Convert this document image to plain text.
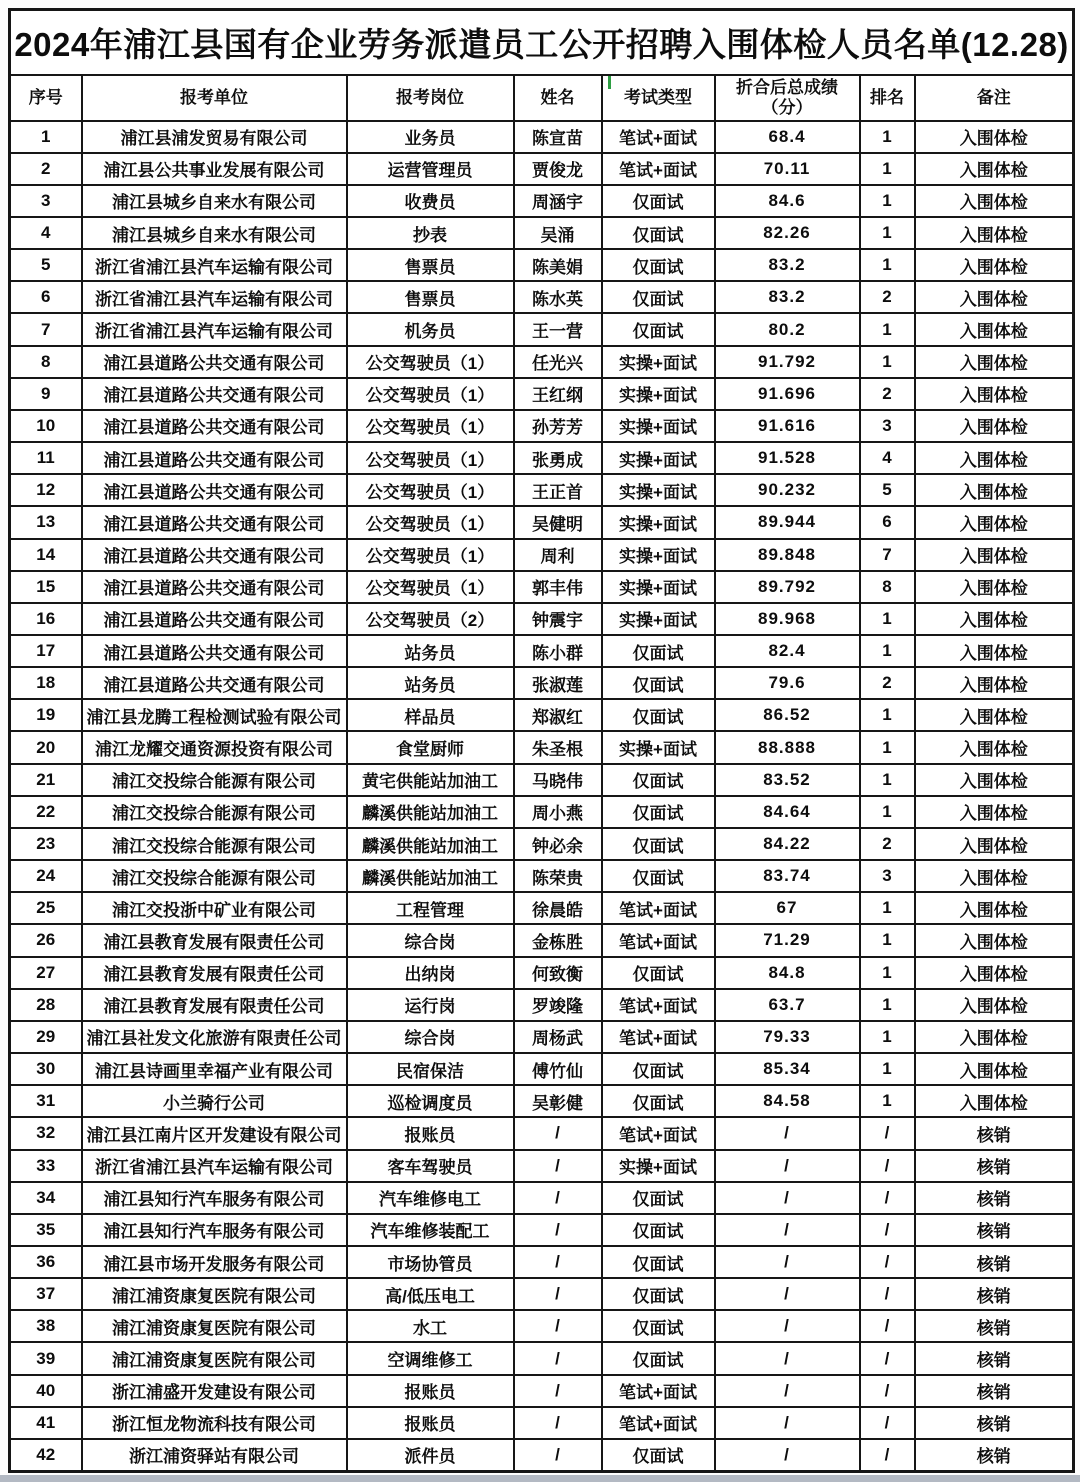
2024年浦江县国有企业劳务派遣员工公开招聘入围体检人员名单(12.28)							
序号	报考单位	报考岗位	姓名	考试类型	折合后总成绩（分）	排名	备注
1	浦江县浦发贸易有限公司	业务员	陈宣苗	笔试+面试	68.4	1	入围体检
2	浦江县公共事业发展有限公司	运营管理员	贾俊龙	笔试+面试	70.11	1	入围体检
3	浦江县城乡自来水有限公司	收费员	周涵宇	仅面试	84.6	1	入围体检
4	浦江县城乡自来水有限公司	抄表	吴涌	仅面试	82.26	1	入围体检
5	浙江省浦江县汽车运输有限公司	售票员	陈美娟	仅面试	83.2	1	入围体检
6	浙江省浦江县汽车运输有限公司	售票员	陈水英	仅面试	83.2	2	入围体检
7	浙江省浦江县汽车运输有限公司	机务员	王一营	仅面试	80.2	1	入围体检
8	浦江县道路公共交通有限公司	公交驾驶员（1）	任光兴	实操+面试	91.792	1	入围体检
9	浦江县道路公共交通有限公司	公交驾驶员（1）	王红纲	实操+面试	91.696	2	入围体检
10	浦江县道路公共交通有限公司	公交驾驶员（1）	孙芳芳	实操+面试	91.616	3	入围体检
11	浦江县道路公共交通有限公司	公交驾驶员（1）	张勇成	实操+面试	91.528	4	入围体检
12	浦江县道路公共交通有限公司	公交驾驶员（1）	王正首	实操+面试	90.232	5	入围体检
13	浦江县道路公共交通有限公司	公交驾驶员（1）	吴健明	实操+面试	89.944	6	入围体检
14	浦江县道路公共交通有限公司	公交驾驶员（1）	周利	实操+面试	89.848	7	入围体检
15	浦江县道路公共交通有限公司	公交驾驶员（1）	郭丰伟	实操+面试	89.792	8	入围体检
16	浦江县道路公共交通有限公司	公交驾驶员（2）	钟震宇	实操+面试	89.968	1	入围体检
17	浦江县道路公共交通有限公司	站务员	陈小群	仅面试	82.4	1	入围体检
18	浦江县道路公共交通有限公司	站务员	张淑莲	仅面试	79.6	2	入围体检
19	浦江县龙腾工程检测试验有限公司	样品员	郑淑红	仅面试	86.52	1	入围体检
20	浦江龙耀交通资源投资有限公司	食堂厨师	朱圣根	实操+面试	88.888	1	入围体检
21	浦江交投综合能源有限公司	黄宅供能站加油工	马晓伟	仅面试	83.52	1	入围体检
22	浦江交投综合能源有限公司	麟溪供能站加油工	周小燕	仅面试	84.64	1	入围体检
23	浦江交投综合能源有限公司	麟溪供能站加油工	钟必余	仅面试	84.22	2	入围体检
24	浦江交投综合能源有限公司	麟溪供能站加油工	陈荣贵	仅面试	83.74	3	入围体检
25	浦江交投浙中矿业有限公司	工程管理	徐晨皓	笔试+面试	67	1	入围体检
26	浦江县教育发展有限责任公司	综合岗	金栋胜	笔试+面试	71.29	1	入围体检
27	浦江县教育发展有限责任公司	出纳岗	何致衡	仅面试	84.8	1	入围体检
28	浦江县教育发展有限责任公司	运行岗	罗竣隆	笔试+面试	63.7	1	入围体检
29	浦江县社发文化旅游有限责任公司	综合岗	周杨武	笔试+面试	79.33	1	入围体检
30	浦江县诗画里幸福产业有限公司	民宿保洁	傅竹仙	仅面试	85.34	1	入围体检
31	小兰骑行公司	巡检调度员	吴彰健	仅面试	84.58	1	入围体检
32	浦江县江南片区开发建设有限公司	报账员	/	笔试+面试	/	/	核销
33	浙江省浦江县汽车运输有限公司	客车驾驶员	/	实操+面试	/	/	核销
34	浦江县知行汽车服务有限公司	汽车维修电工	/	仅面试	/	/	核销
35	浦江县知行汽车服务有限公司	汽车维修装配工	/	仅面试	/	/	核销
36	浦江县市场开发服务有限公司	市场协管员	/	仅面试	/	/	核销
37	浦江浦资康复医院有限公司	高/低压电工	/	仅面试	/	/	核销
38	浦江浦资康复医院有限公司	水工	/	仅面试	/	/	核销
39	浦江浦资康复医院有限公司	空调维修工	/	仅面试	/	/	核销
40	浙江浦盛开发建设有限公司	报账员	/	笔试+面试	/	/	核销
41	浙江恒龙物流科技有限公司	报账员	/	笔试+面试	/	/	核销
42	浙江浦资驿站有限公司	派件员	/	仅面试	/	/	核销
